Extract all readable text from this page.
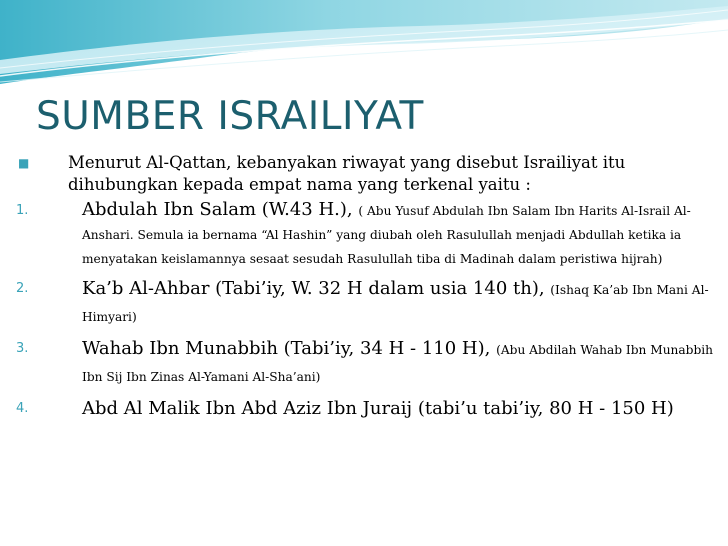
SUMBER ISRAILIYAT
■	Menurut Al-Qattan, kebanyakan riwayat yang disebut Israiliyat itu dihubungkan kepada empat nama yang terkenal yaitu :
1.	Abdulah Ibn Salam (W.43 H.), ( Abu Yusuf Abdulah Ibn Salam Ibn Harits Al-Israil Al-Anshari. Semula ia bernama “Al Hashin” yang diubah oleh Rasulullah menjadi Abdullah ketika ia menyatakan keislamannya sesaat sesudah Rasulullah tiba di Madinah dalam peristiwa hijrah)
2.	Ka’b Al-Ahbar (Tabi’iy, W. 32 H dalam usia 140 th), (Ishaq Ka’ab Ibn Mani Al-Himyari)
3.	Wahab Ibn Munabbih (Tabi’iy, 34 H - 110 H), (Abu Abdilah Wahab Ibn Munabbih Ibn Sij Ibn Zinas Al-Yamani Al-Sha’ani)
4.	Abd Al Malik Ibn Abd Aziz Ibn Juraij (tabi’u tabi’iy, 80 H - 150 H)
